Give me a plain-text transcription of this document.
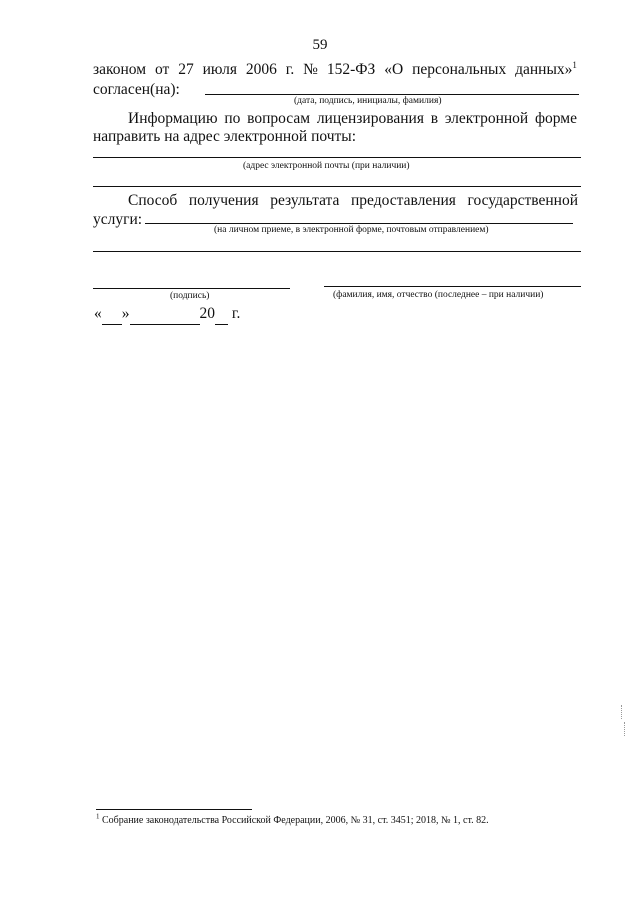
59
законом от 27 июля 2006 г. № 152-ФЗ «О персональных данных»$^1$
согласен(на):
(дата, подпись, инициалы, фамилия)
Информацию по вопросам лицензирования в электронной форме
направить на адрес электронной почты:
(адрес электронной почты (при наличии)
Способ получения результата предоставления государственной
услуги:
(на личном приеме, в электронной форме, почтовым отправлением)
(подпись)	(фамилия, имя, отчество (последнее – при наличии)
« »	20 г.
$^1$ Собрание законодательства Российской Федерации, 2006, № 31, ст. 3451; 2018, № 1, ст. 82.
